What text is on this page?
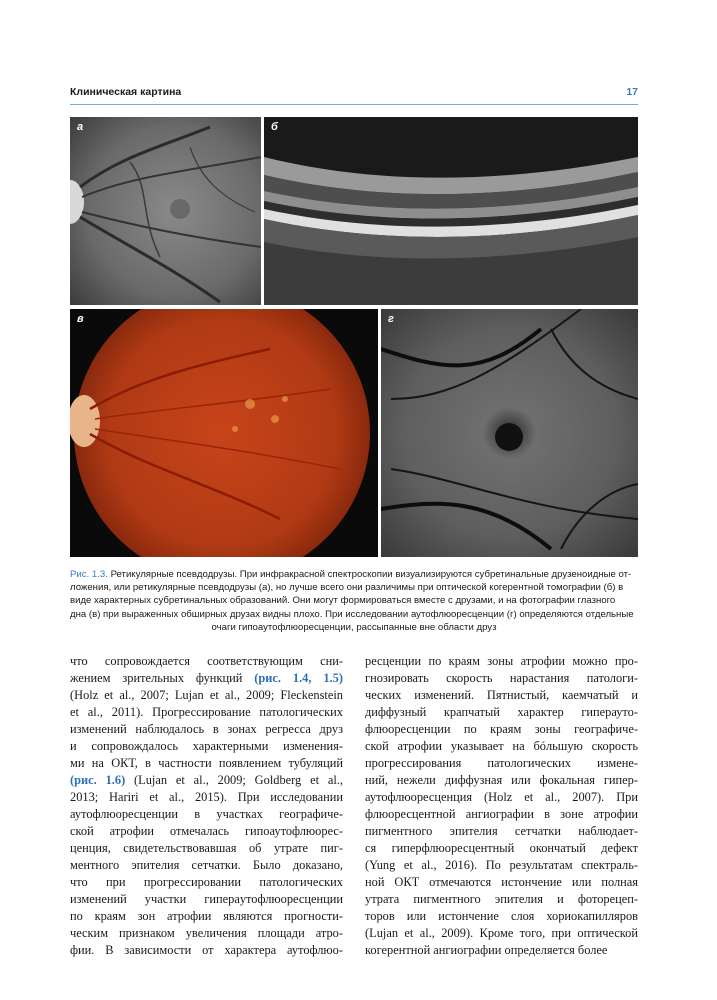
Клиническая картина	17
а	б
в	г
Рис. 1.3. Ретикулярные псевдодрузы. При инфракрасной спектроскопии визуализируются субретинальные друзеноидные от-
ложения, или ретикулярные псевдодрузы (а), но лучше всего они различимы при оптической когерентной томографии (б) в
виде характерных субретинальных образований. Они могут формироваться вместе с друзами, и на фотографии глазного
дна (в) при выраженных обширных друзах видны плохо. При исследовании аутофлюоресценции (г) определяются отдельные
очаги гипоаутофлюоресценции, рассыпанные вне области друз
что сопровождается соответствующим сни-
жением зрительных функций (рис. 1.4, 1.5)
(Holz et al., 2007; Lujan et al., 2009; Fleckenstein
et al., 2011). Прогрессирование патологических
изменений наблюдалось в зонах регресса друз
и сопровождалось характерными изменения-
ми на ОКТ, в частности появлением тубуляций
(рис. 1.6) (Lujan et al., 2009; Goldberg et al.,
2013; Hariri et al., 2015). При исследовании
аутофлюоресценции в участках географиче-
ской атрофии отмечалась гипоаутофлюорес-
ценция, свидетельствовавшая об утрате пиг-
ментного эпителия сетчатки. Было доказано,
что при прогрессировании патологических
изменений участки гиперaутофлюоресценции
по краям зон атрофии являются прогности-
ческим признаком увеличения площади атро-
фии. В зависимости от характера аутофлюо-
ресценции по краям зоны атрофии можно про-
гнозировать скорость нарастания патологи-
ческих изменений. Пятнистый, каемчатый и
диффузный крапчатый характер гиперауто-
флюоресценции по краям зоны географиче-
ской атрофии указывает на бóльшую скорость
прогрессирования патологических измене-
ний, нежели диффузная или фокальная гипер-
аутофлюоресценция (Holz et al., 2007). При
флюоресцентной ангиографии в зоне атрофии
пигментного эпителия сетчатки наблюдает-
ся гиперфлюоресцентный окончатый дефект
(Yung et al., 2016). По результатам спектраль-
ной ОКТ отмечаются истончение или полная
утрата пигментного эпителия и фоторецеп-
торов или истончение слоя хориокапилляров
(Lujan et al., 2009). Кроме того, при оптической
когерентной ангиографии определяется более
